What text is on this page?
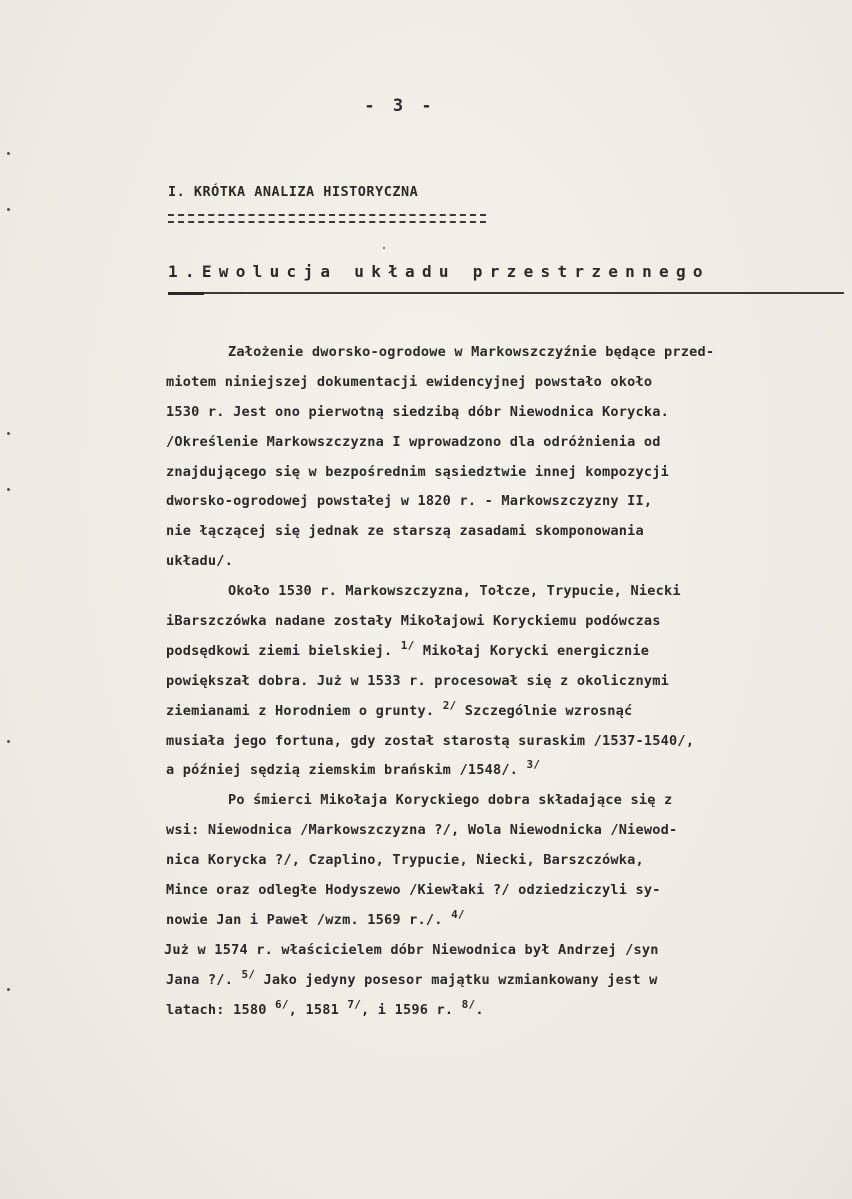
- 3 -
I. KRÓTKA ANALIZA HISTORYCZNA
1.Ewolucja układu przestrzennego
Założenie dworsko-ogrodowe w Markowszczyźnie będące przed-
miotem niniejszej dokumentacji ewidencyjnej powstało około
1530 r. Jest ono pierwotną siedzibą dóbr Niewodnica Korycka.
/Określenie Markowszczyzna I wprowadzono dla odróżnienia od
znajdującego się w bezpośrednim sąsiedztwie innej kompozycji
dworsko-ogrodowej powstałej w 1820 r. - Markowszczyzny II,
nie łączącej się jednak ze starszą zasadami skomponowania
układu/.
Około 1530 r. Markowszczyzna, Tołcze, Trypucie, Niecki
iBarszczówka nadane zostały Mikołajowi Koryckiemu podówczas
podsędkowi ziemi bielskiej. $^{1/}$ Mikołaj Korycki energicznie
powiększał dobra. Już w 1533 r. procesował się z okolicznymi
ziemianami z Horodniem o grunty. $^{2/}$ Szczególnie wzrosnąć
musiała jego fortuna, gdy został starostą suraskim /1537-1540/,
a później sędzią ziemskim brańskim /1548/. $^{3/}$
Po śmierci Mikołaja Koryckiego dobra składające się z
wsi: Niewodnica /Markowszczyzna ?/, Wola Niewodnicka /Niewod-
nica Korycka ?/, Czaplino, Trypucie, Niecki, Barszczówka,
Mince oraz odległe Hodyszewo /Kiewłaki ?/ odziedziczyli sy-
nowie Jan i Paweł /wzm. 1569 r./. $^{4/}$
Już w 1574 r. właścicielem dóbr Niewodnica był Andrzej /syn
Jana ?/. $^{5/}$ Jako jedyny posesor majątku wzmiankowany jest w
latach: 1580 $^{6/}$, 1581 $^{7/}$, i 1596 r. $^{8/}$.
